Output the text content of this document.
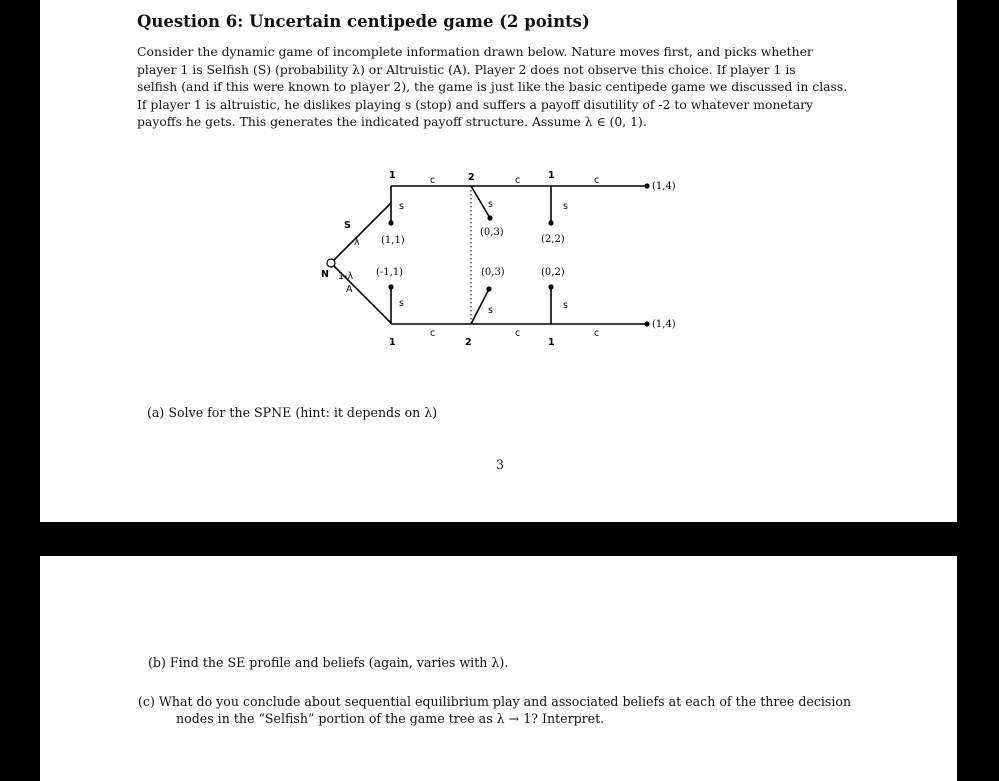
Question 6: Uncertain centipede game (2 points)
Consider the dynamic game of incomplete information drawn below. Nature moves first, and picks whether
player 1 is Selfish (S) (probability λ) or Altruistic (A). Player 2 does not observe this choice. If player 1 is
selfish (and if this were known to player 2), the game is just like the basic centipede game we discussed in class.
If player 1 is altruistic, he dislikes playing s (stop) and suffers a payoff disutility of -2 to whatever monetary
payoffs he gets. This generates the indicated payoff structure. Assume λ ∈ (0, 1).
N
S
λ
1-λ
A
1	2	1
c	c	c
s	s	s
1	2	1
c	c	c
s
s	s
(1,1)
(0,3)
(2,2)
(1,4)
(-1,1)	(0,3)	(0,2)
(1,4)
(a) Solve for the SPNE (hint: it depends on λ)
3
(b) Find the SE profile and beliefs (again, varies with λ).
(c) What do you conclude about sequential equilibrium play and associated beliefs at each of the three decision
nodes in the “Selfish” portion of the game tree as λ → 1? Interpret.
